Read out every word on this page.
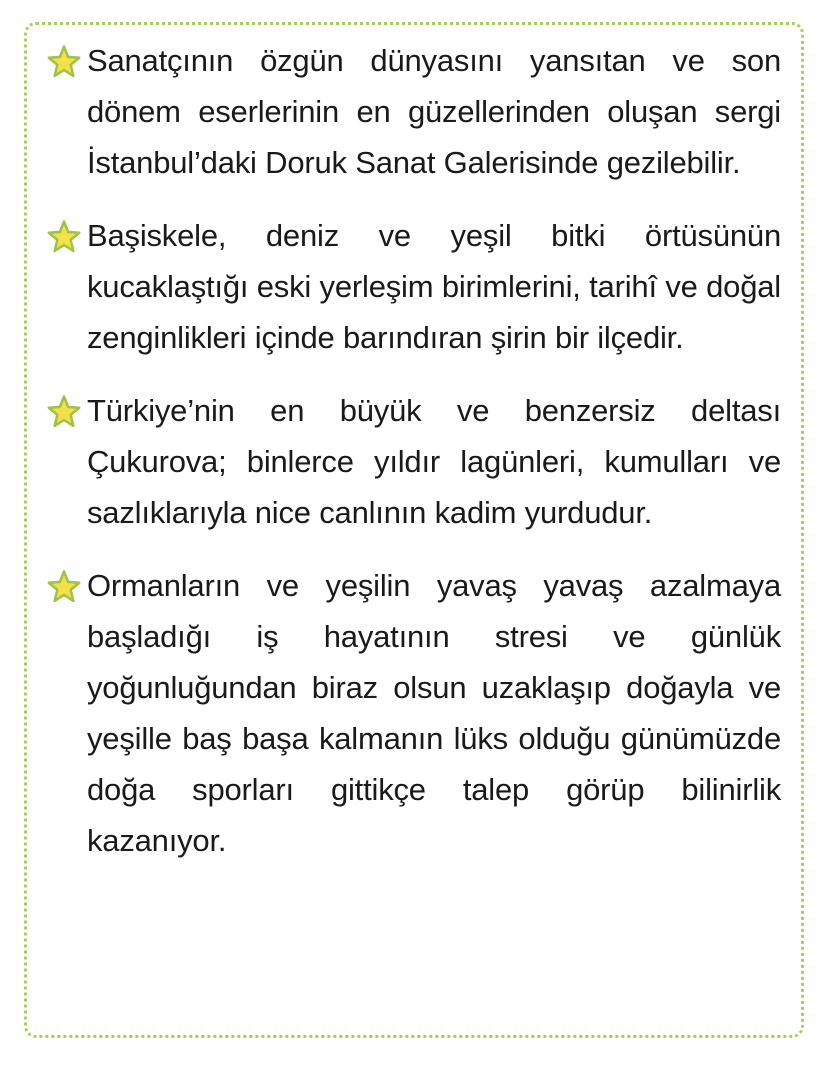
Sanatçının özgün dünyasını yansıtan ve son dönem eserlerinin en güzellerinden oluşan sergi İstanbul’daki Doruk Sanat Galerisinde gezilebilir.
Başiskele, deniz ve yeşil bitki örtüsünün kucaklaştığı eski yerleşim birimlerini, tarihî ve doğal zenginlikleri içinde barındıran şirin bir ilçedir.
Türkiye’nin en büyük ve benzersiz deltası Çukurova; binlerce yıldır lagünleri, kumulları ve sazlıklarıyla nice canlının kadim yurdudur.
Ormanların ve yeşilin yavaş yavaş azalmaya başladığı iş hayatının stresi ve günlük yoğunluğundan biraz olsun uzaklaşıp doğayla ve yeşille baş başa kalmanın lüks olduğu günümüzde doğa sporları gittikçe talep görüp bilinirlik kazanıyor.
